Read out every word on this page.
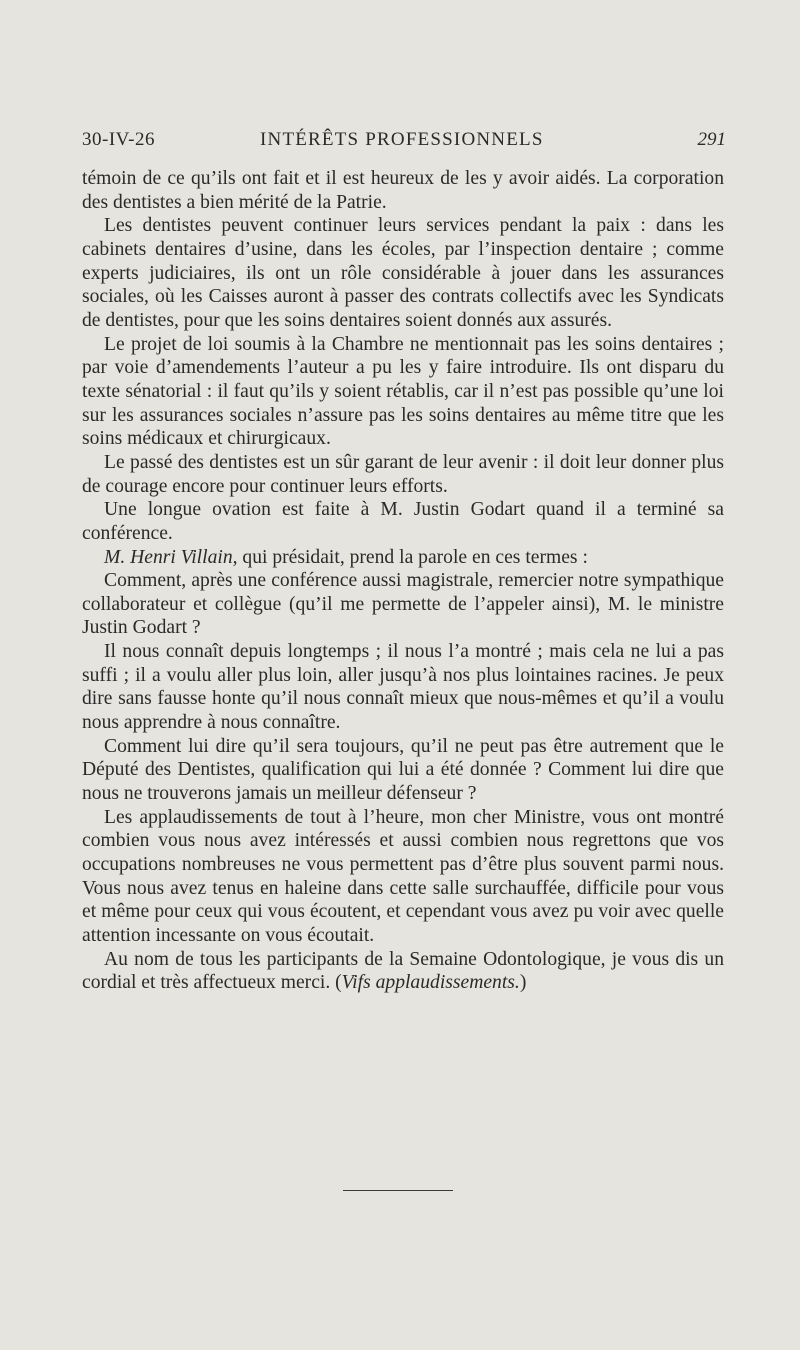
30-IV-26	INTÉRÊTS PROFESSIONNELS	291

témoin de ce qu’ils ont fait et il est heureux de les y avoir aidés. La corporation des dentistes a bien mérité de la Patrie.

Les dentistes peuvent continuer leurs services pendant la paix : dans les cabinets dentaires d’usine, dans les écoles, par l’inspection dentaire ; comme experts judiciaires, ils ont un rôle considérable à jouer dans les assurances sociales, où les Caisses auront à passer des contrats collectifs avec les Syndicats de dentistes, pour que les soins dentaires soient donnés aux assurés.

Le projet de loi soumis à la Chambre ne mentionnait pas les soins dentaires ; par voie d’amendements l’auteur a pu les y faire introduire. Ils ont disparu du texte sénatorial : il faut qu’ils y soient rétablis, car il n’est pas possible qu’une loi sur les assurances sociales n’assure pas les soins dentaires au même titre que les soins médicaux et chirurgicaux.

Le passé des dentistes est un sûr garant de leur avenir : il doit leur donner plus de courage encore pour continuer leurs efforts.

Une longue ovation est faite à M. Justin Godart quand il a terminé sa conférence.

M. Henri Villain, qui présidait, prend la parole en ces termes :

Comment, après une conférence aussi magistrale, remercier notre sympathique collaborateur et collègue (qu’il me permette de l’appeler ainsi), M. le ministre Justin Godart ?

Il nous connaît depuis longtemps ; il nous l’a montré ; mais cela ne lui a pas suffi ; il a voulu aller plus loin, aller jusqu’à nos plus lointaines racines. Je peux dire sans fausse honte qu’il nous connaît mieux que nous-mêmes et qu’il a voulu nous apprendre à nous connaître.

Comment lui dire qu’il sera toujours, qu’il ne peut pas être autrement que le Député des Dentistes, qualification qui lui a été donnée ? Comment lui dire que nous ne trouverons jamais un meilleur défenseur ?

Les applaudissements de tout à l’heure, mon cher Ministre, vous ont montré combien vous nous avez intéressés et aussi combien nous regrettons que vos occupations nombreuses ne vous permettent pas d’être plus souvent parmi nous. Vous nous avez tenus en haleine dans cette salle surchauffée, difficile pour vous et même pour ceux qui vous écoutent, et cependant vous avez pu voir avec quelle attention incessante on vous écoutait.

Au nom de tous les participants de la Semaine Odontologique, je vous dis un cordial et très affectueux merci. (Vifs applaudissements.)
